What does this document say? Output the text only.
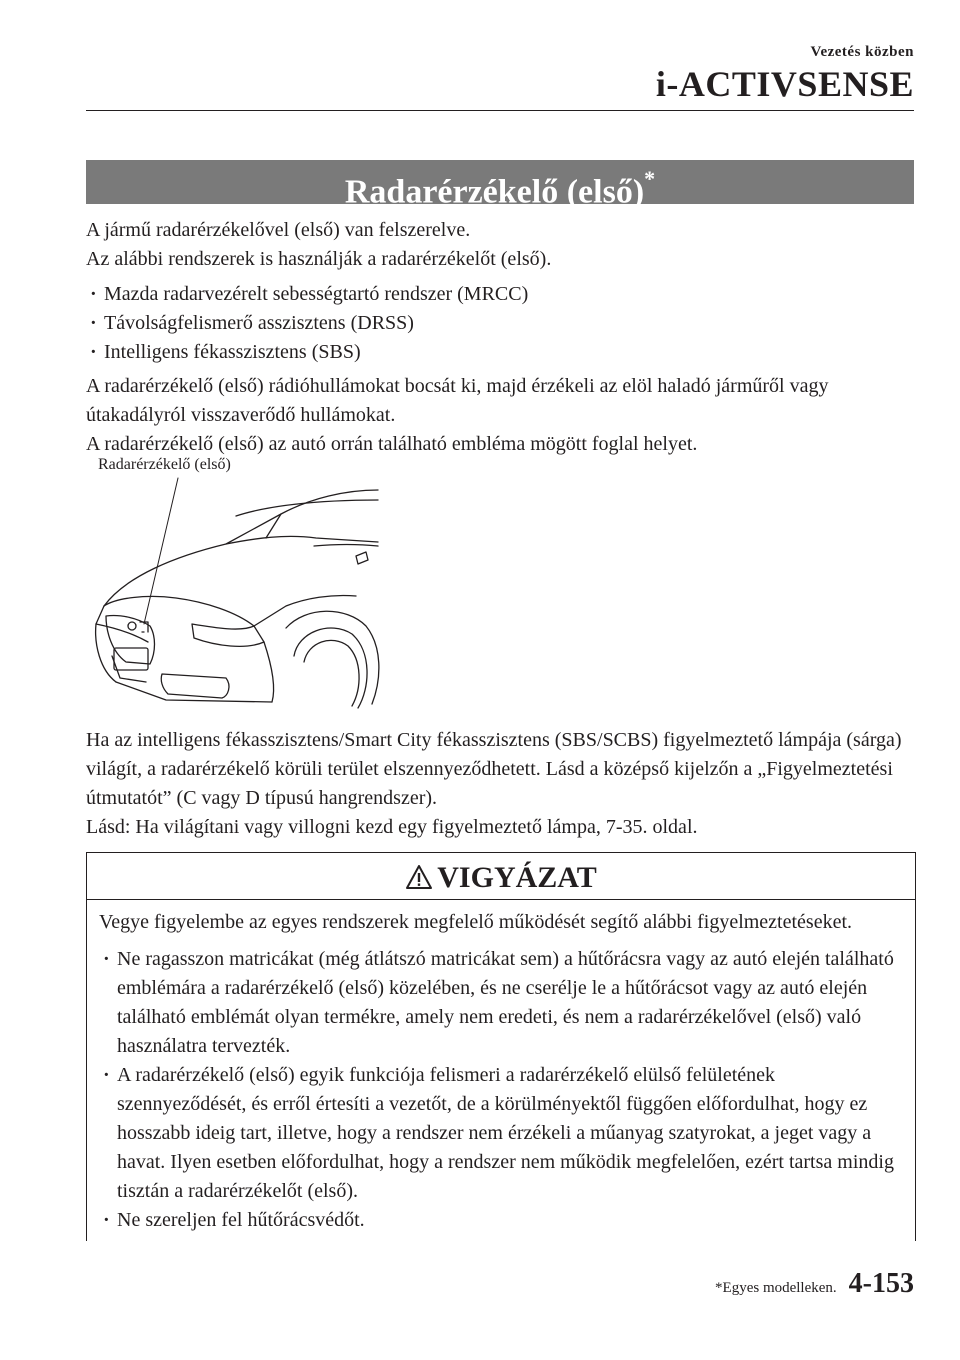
Vezetés közben
i-ACTIVSENSE
Radarérzékelő (első)*

A jármű radarérzékelővel (első) van felszerelve.

Az alábbi rendszerek is használják a radarérzékelőt (első).

· Mazda radarvezérelt sebességtartó rendszer (MRCC)
· Távolságfelismerő asszisztens (DRSS)
· Intelligens fékasszisztens (SBS)

A radarérzékelő (első) rádióhullámokat bocsát ki, majd érzékeli az elöl haladó járműről vagy útakadályról visszaverődő hullámokat.

A radarérzékelő (első) az autó orrán található embléma mögött foglal helyet.

Radarérzékelő (első)

Ha az intelligens fékasszisztens/Smart City fékasszisztens (SBS/SCBS) figyelmeztető lámpája (sárga) világít, a radarérzékelő körüli terület elszennyeződhetett. Lásd a középső kijelzőn a „Figyelmeztetési útmutatót” (C vagy D típusú hangrendszer).

Lásd: Ha világítani vagy villogni kezd egy figyelmeztető lámpa, 7-35. oldal.

VIGYÁZAT

Vegye figyelembe az egyes rendszerek megfelelő működését segítő alábbi figyelmeztetéseket.

· Ne ragasszon matricákat (még átlátszó matricákat sem) a hűtőrácsra vagy az autó elején található emblémára a radarérzékelő (első) közelében, és ne cserélje le a hűtőrácsot vagy az autó elején található emblémát olyan termékre, amely nem eredeti, és nem a radarérzékelővel (első) való használatra tervezték.
· A radarérzékelő (első) egyik funkciója felismeri a radarérzékelő elülső felületének szennyeződését, és erről értesíti a vezetőt, de a körülményektől függően előfordulhat, hogy ez hosszabb ideig tart, illetve, hogy a rendszer nem érzékeli a műanyag szatyrokat, a jeget vagy a havat. Ilyen esetben előfordulhat, hogy a rendszer nem működik megfelelően, ezért tartsa mindig tisztán a radarérzékelőt (első).
· Ne szereljen fel hűtőrácsvédőt.
*Egyes modelleken. 4-153
